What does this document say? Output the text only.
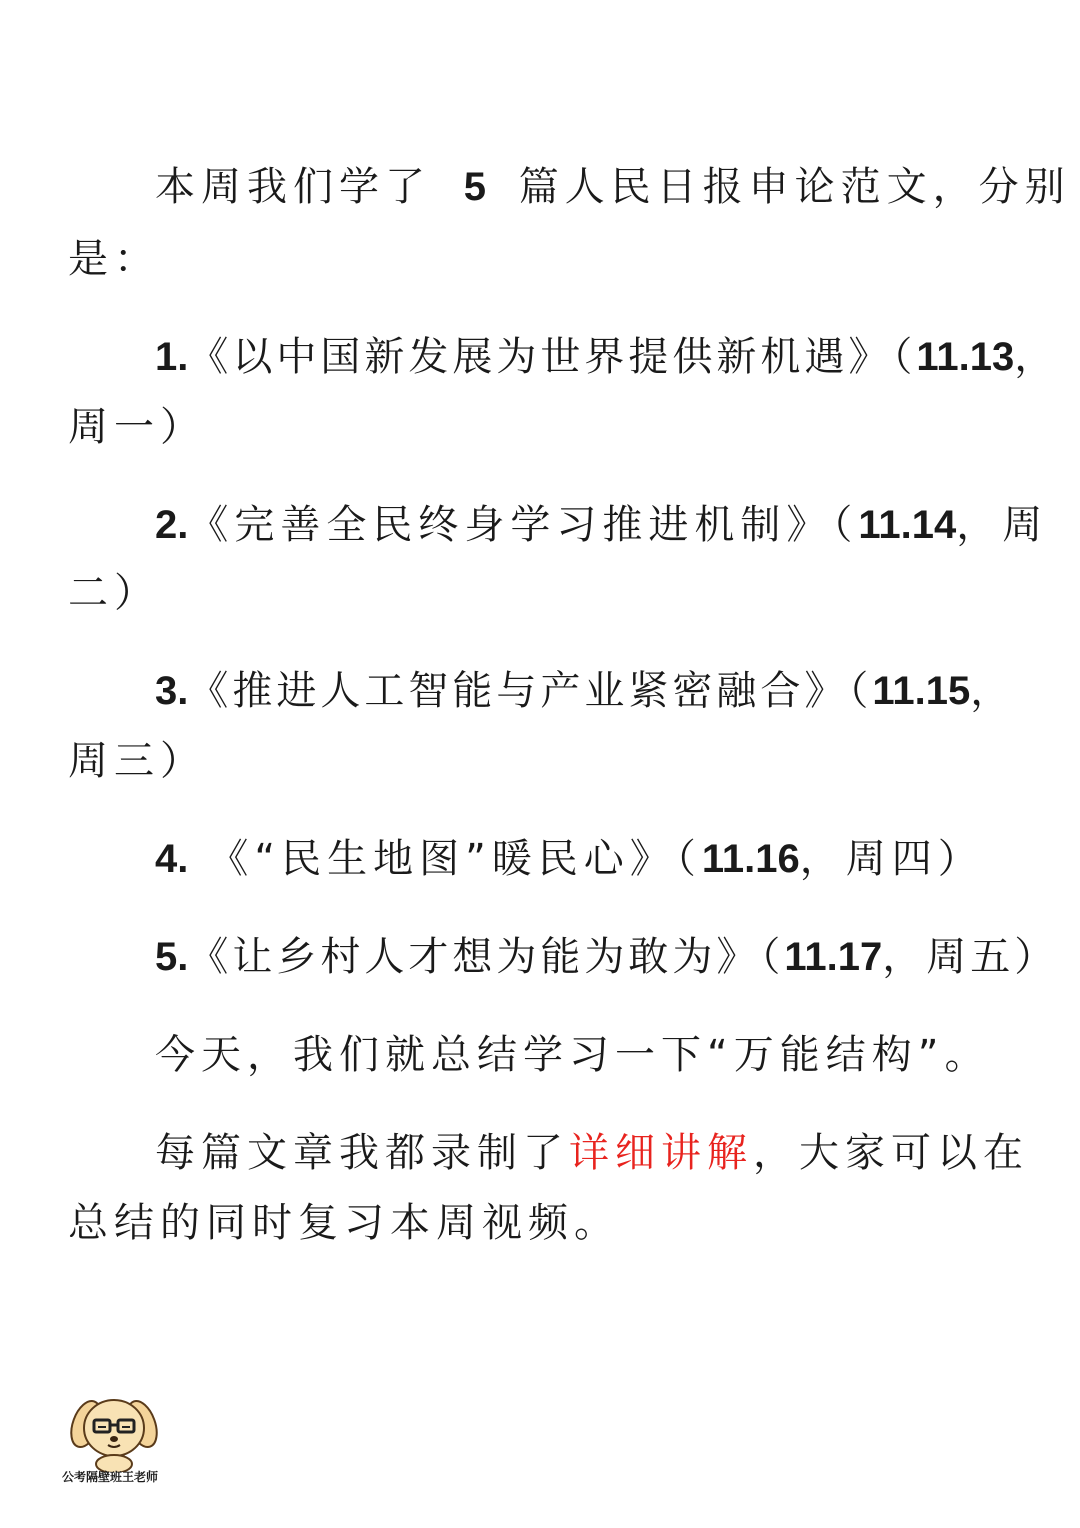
本周我们学了 5 篇人民日报申论范文，分别
是：
1.《以中国新发展为世界提供新机遇》（11.13，
周一）
2.《完善全民终身学习推进机制》（11.14，周
二）
3.《推进人工智能与产业紧密融合》（11.15，
周三）
4. 《“民生地图”暖民心》（11.16，周四）
5.《让乡村人才想为能为敢为》（11.17，周五）
今天，我们就总结学习一下“万能结构”。
每篇文章我都录制了详细讲解，大家可以在
总结的同时复习本周视频。
公考隔壁班王老师
